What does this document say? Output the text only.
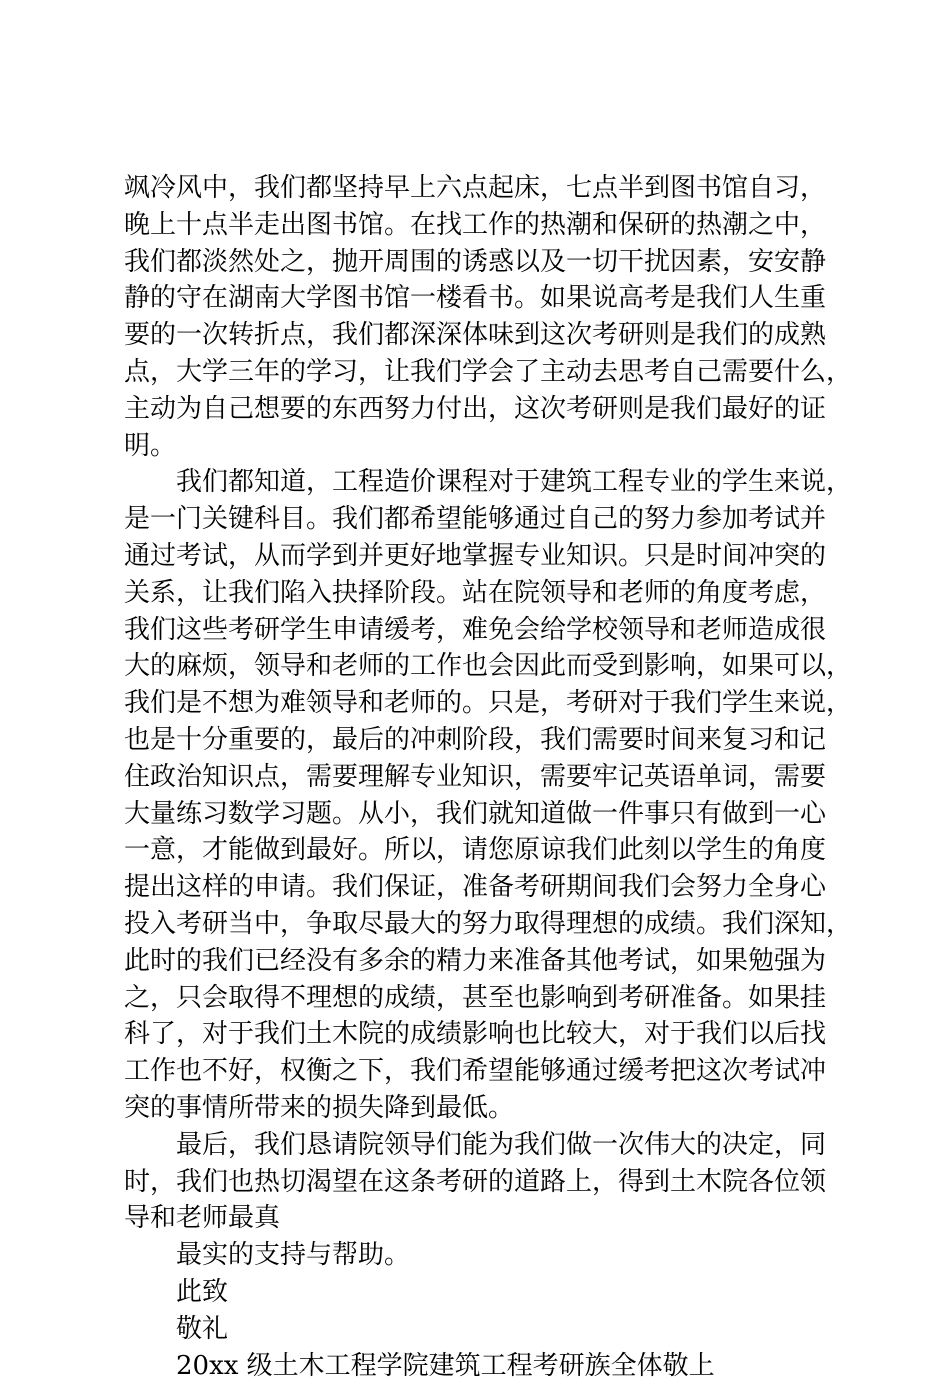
飒冷风中，我们都坚持早上六点起床，七点半到图书馆自习，
晚上十点半走出图书馆。在找工作的热潮和保研的热潮之中，
我们都淡然处之，抛开周围的诱惑以及一切干扰因素，安安静
静的守在湖南大学图书馆一楼看书。如果说高考是我们人生重
要的一次转折点，我们都深深体味到这次考研则是我们的成熟
点，大学三年的学习，让我们学会了主动去思考自己需要什么，
主动为自己想要的东西努力付出，这次考研则是我们最好的证
明。

我们都知道，工程造价课程对于建筑工程专业的学生来说，
是一门关键科目。我们都希望能够通过自己的努力参加考试并
通过考试，从而学到并更好地掌握专业知识。只是时间冲突的
关系，让我们陷入抉择阶段。站在院领导和老师的角度考虑，
我们这些考研学生申请缓考，难免会给学校领导和老师造成很
大的麻烦，领导和老师的工作也会因此而受到影响，如果可以，
我们是不想为难领导和老师的。只是，考研对于我们学生来说，
也是十分重要的，最后的冲刺阶段，我们需要时间来复习和记
住政治知识点，需要理解专业知识，需要牢记英语单词，需要
大量练习数学习题。从小，我们就知道做一件事只有做到一心
一意，才能做到最好。所以，请您原谅我们此刻以学生的角度
提出这样的申请。我们保证，准备考研期间我们会努力全身心
投入考研当中，争取尽最大的努力取得理想的成绩。我们深知，
此时的我们已经没有多余的精力来准备其他考试，如果勉强为
之，只会取得不理想的成绩，甚至也影响到考研准备。如果挂
科了，对于我们土木院的成绩影响也比较大，对于我们以后找
工作也不好，权衡之下，我们希望能够通过缓考把这次考试冲
突的事情所带来的损失降到最低。

最后，我们恳请院领导们能为我们做一次伟大的决定，同
时，我们也热切渴望在这条考研的道路上，得到土木院各位领
导和老师最真

最实的支持与帮助。

此致

敬礼

20xx 级土木工程学院建筑工程考研族全体敬上
